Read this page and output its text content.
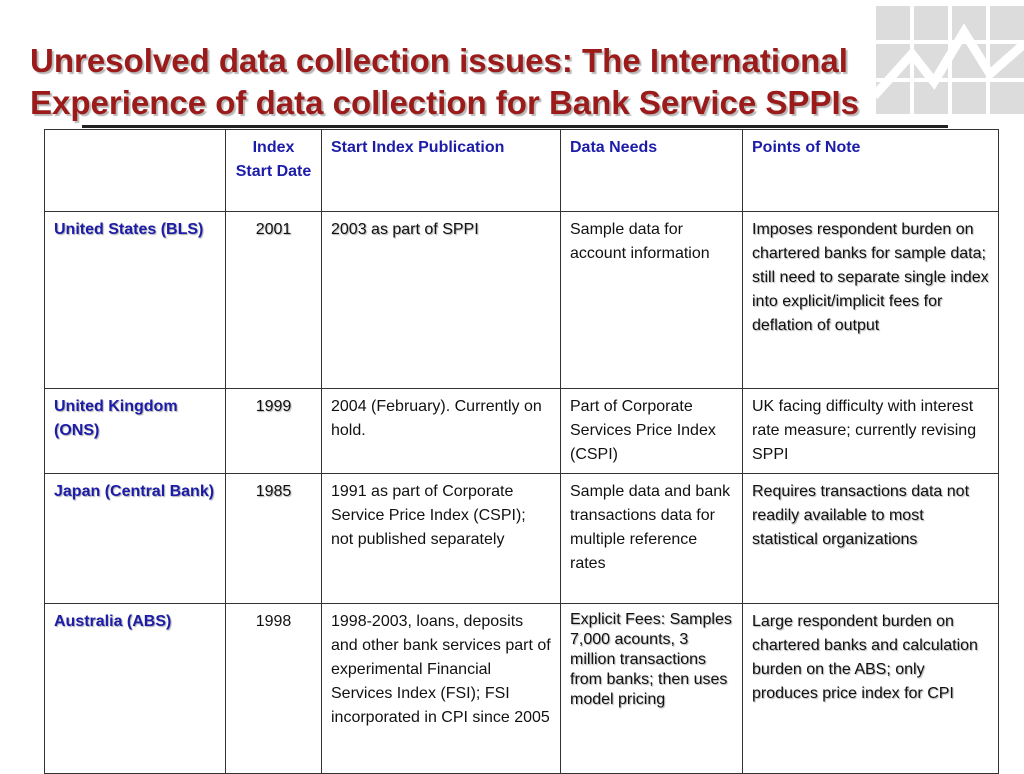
Unresolved data collection issues: The International
Experience of data collection for Bank Service SPPIs
	Index Start Date	Start Index Publication	Data Needs	Points of Note
United States (BLS)	2001	2003 as part of SPPI	Sample data for account information	Imposes respondent burden on chartered banks for sample data; still need to separate single index into explicit/implicit fees for deflation of output
United Kingdom (ONS)	1999	2004 (February). Currently on hold.	Part of Corporate Services Price Index (CSPI)	UK facing difficulty with interest rate measure; currently revising SPPI
Japan (Central Bank)	1985	1991 as part of Corporate Service Price Index (CSPI); not published separately	Sample data and bank transactions data for multiple reference rates	Requires transactions data not readily available to most statistical organizations
Australia (ABS)	1998	1998-2003, loans, deposits and other bank services part of experimental Financial Services Index (FSI); FSI incorporated in CPI since 2005	Explicit Fees: Samples 7,000 acounts, 3 million transactions from banks; then uses model pricing	Large respondent burden on chartered banks and calculation burden on the ABS; only produces price index for CPI
